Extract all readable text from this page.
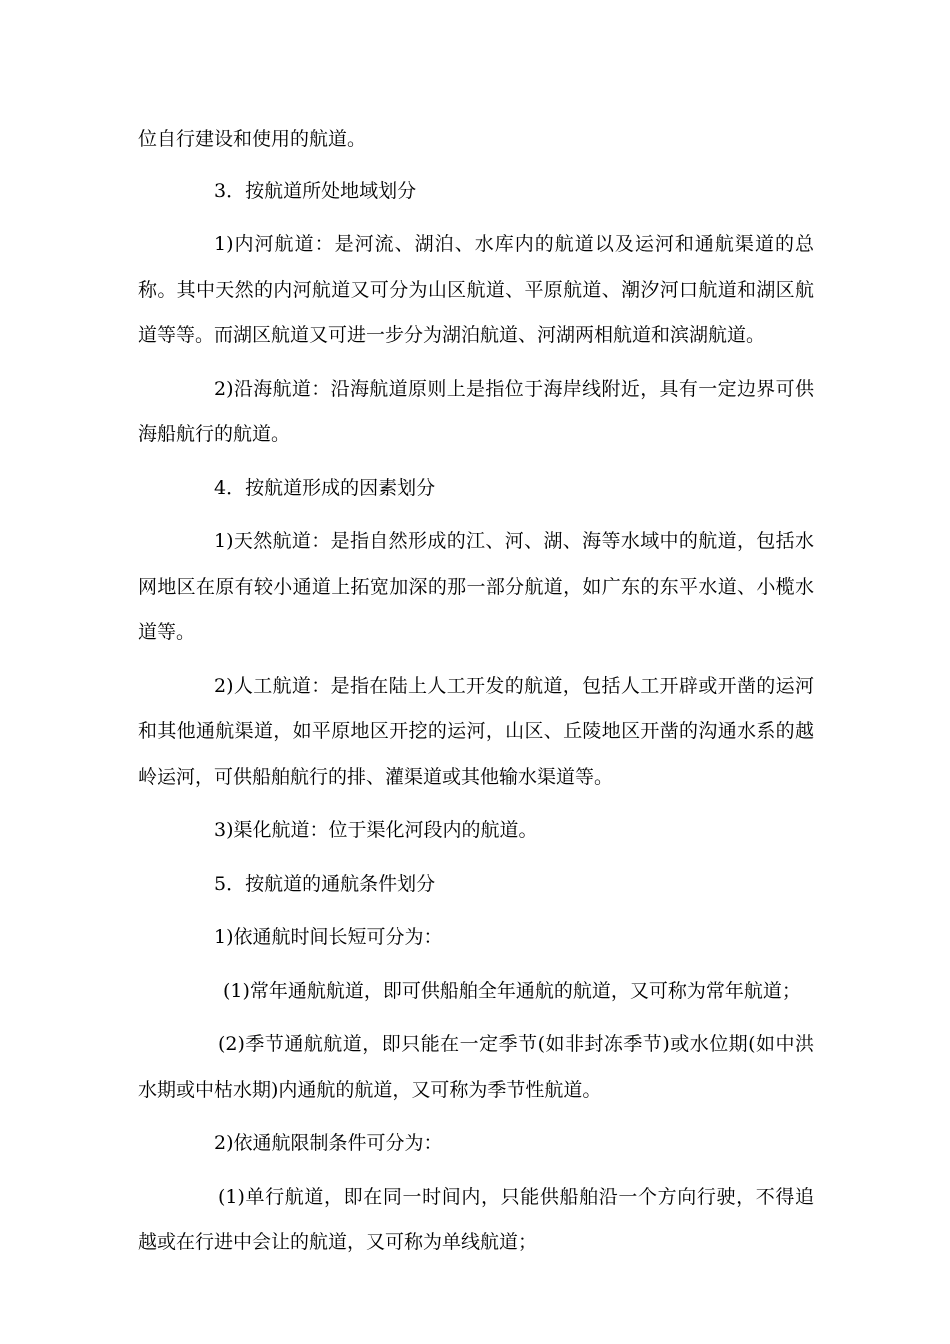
位自行建设和使用的航道。

3．按航道所处地域划分

1)内河航道：是河流、湖泊、水库内的航道以及运河和通航渠道的总称。其中天然的内河航道又可分为山区航道、平原航道、潮汐河口航道和湖区航道等等。而湖区航道又可进一步分为湖泊航道、河湖两相航道和滨湖航道。

2)沿海航道：沿海航道原则上是指位于海岸线附近，具有一定边界可供海船航行的航道。

4．按航道形成的因素划分

1)天然航道：是指自然形成的江、河、湖、海等水域中的航道，包括水网地区在原有较小通道上拓宽加深的那一部分航道，如广东的东平水道、小榄水道等。

2)人工航道：是指在陆上人工开发的航道，包括人工开辟或开凿的运河和其他通航渠道，如平原地区开挖的运河，山区、丘陵地区开凿的沟通水系的越岭运河，可供船舶航行的排、灌渠道或其他输水渠道等。

3)渠化航道：位于渠化河段内的航道。

5．按航道的通航条件划分

1)依通航时间长短可分为：

(1)常年通航航道，即可供船舶全年通航的航道，又可称为常年航道；

(2)季节通航航道，即只能在一定季节(如非封冻季节)或水位期(如中洪水期或中枯水期)内通航的航道，又可称为季节性航道。

2)依通航限制条件可分为：

(1)单行航道，即在同一时间内，只能供船舶沿一个方向行驶，不得追越或在行进中会让的航道，又可称为单线航道；
